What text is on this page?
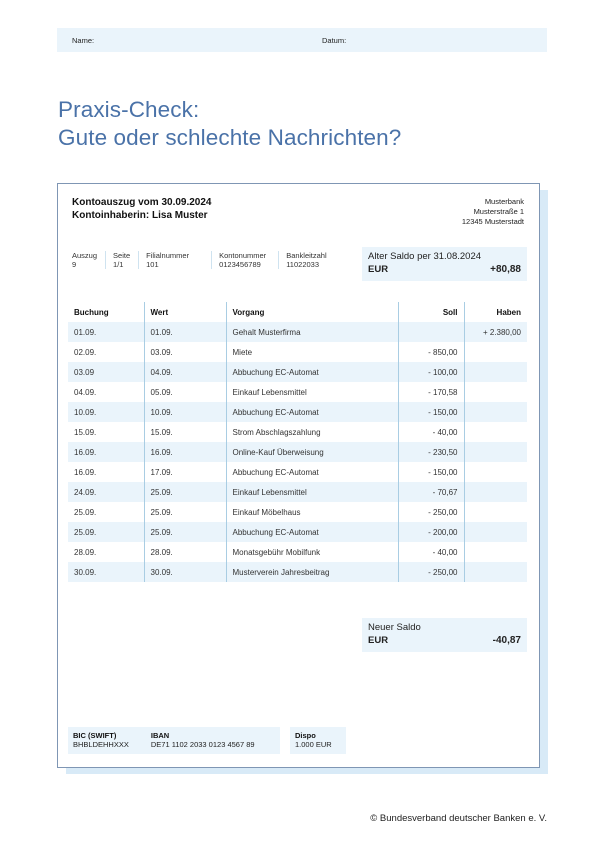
Name:	Datum:
Praxis-Check:
Gute oder schlechte Nachrichten?
Kontoauszug vom 30.09.2024
Kontoinhaberin: Lisa Muster
Musterbank
Musterstraße 1
12345 Musterstadt
Auszug
9
Seite
1/1
Filialnummer
101
Kontonummer
0123456789
Bankleitzahl
11022033
Alter Saldo per 31.08.2024
EUR	+80,88
Buchung	Wert	Vorgang	Soll	Haben
01.09.	01.09.	Gehalt Musterfirma		+ 2.380,00
02.09.	03.09.	Miete	- 850,00	
03.09	04.09.	Abbuchung EC-Automat	- 100,00	
04.09.	05.09.	Einkauf Lebensmittel	- 170,58	
10.09.	10.09.	Abbuchung EC-Automat	- 150,00	
15.09.	15.09.	Strom Abschlagszahlung	- 40,00	
16.09.	16.09.	Online-Kauf Überweisung	- 230,50	
16.09.	17.09.	Abbuchung EC-Automat	- 150,00	
24.09.	25.09.	Einkauf Lebensmittel	- 70,67	
25.09.	25.09.	Einkauf Möbelhaus	- 250,00	
25.09.	25.09.	Abbuchung EC-Automat	- 200,00	
28.09.	28.09.	Monatsgebühr Mobilfunk	- 40,00	
30.09.	30.09.	Musterverein Jahresbeitrag	- 250,00	
Neuer Saldo
EUR	-40,87
BIC (SWIFT)
BHBLDEHHXXX
IBAN
DE71 1102 2033 0123 4567 89
Dispo
1.000 EUR
© Bundesverband deutscher Banken e. V.
